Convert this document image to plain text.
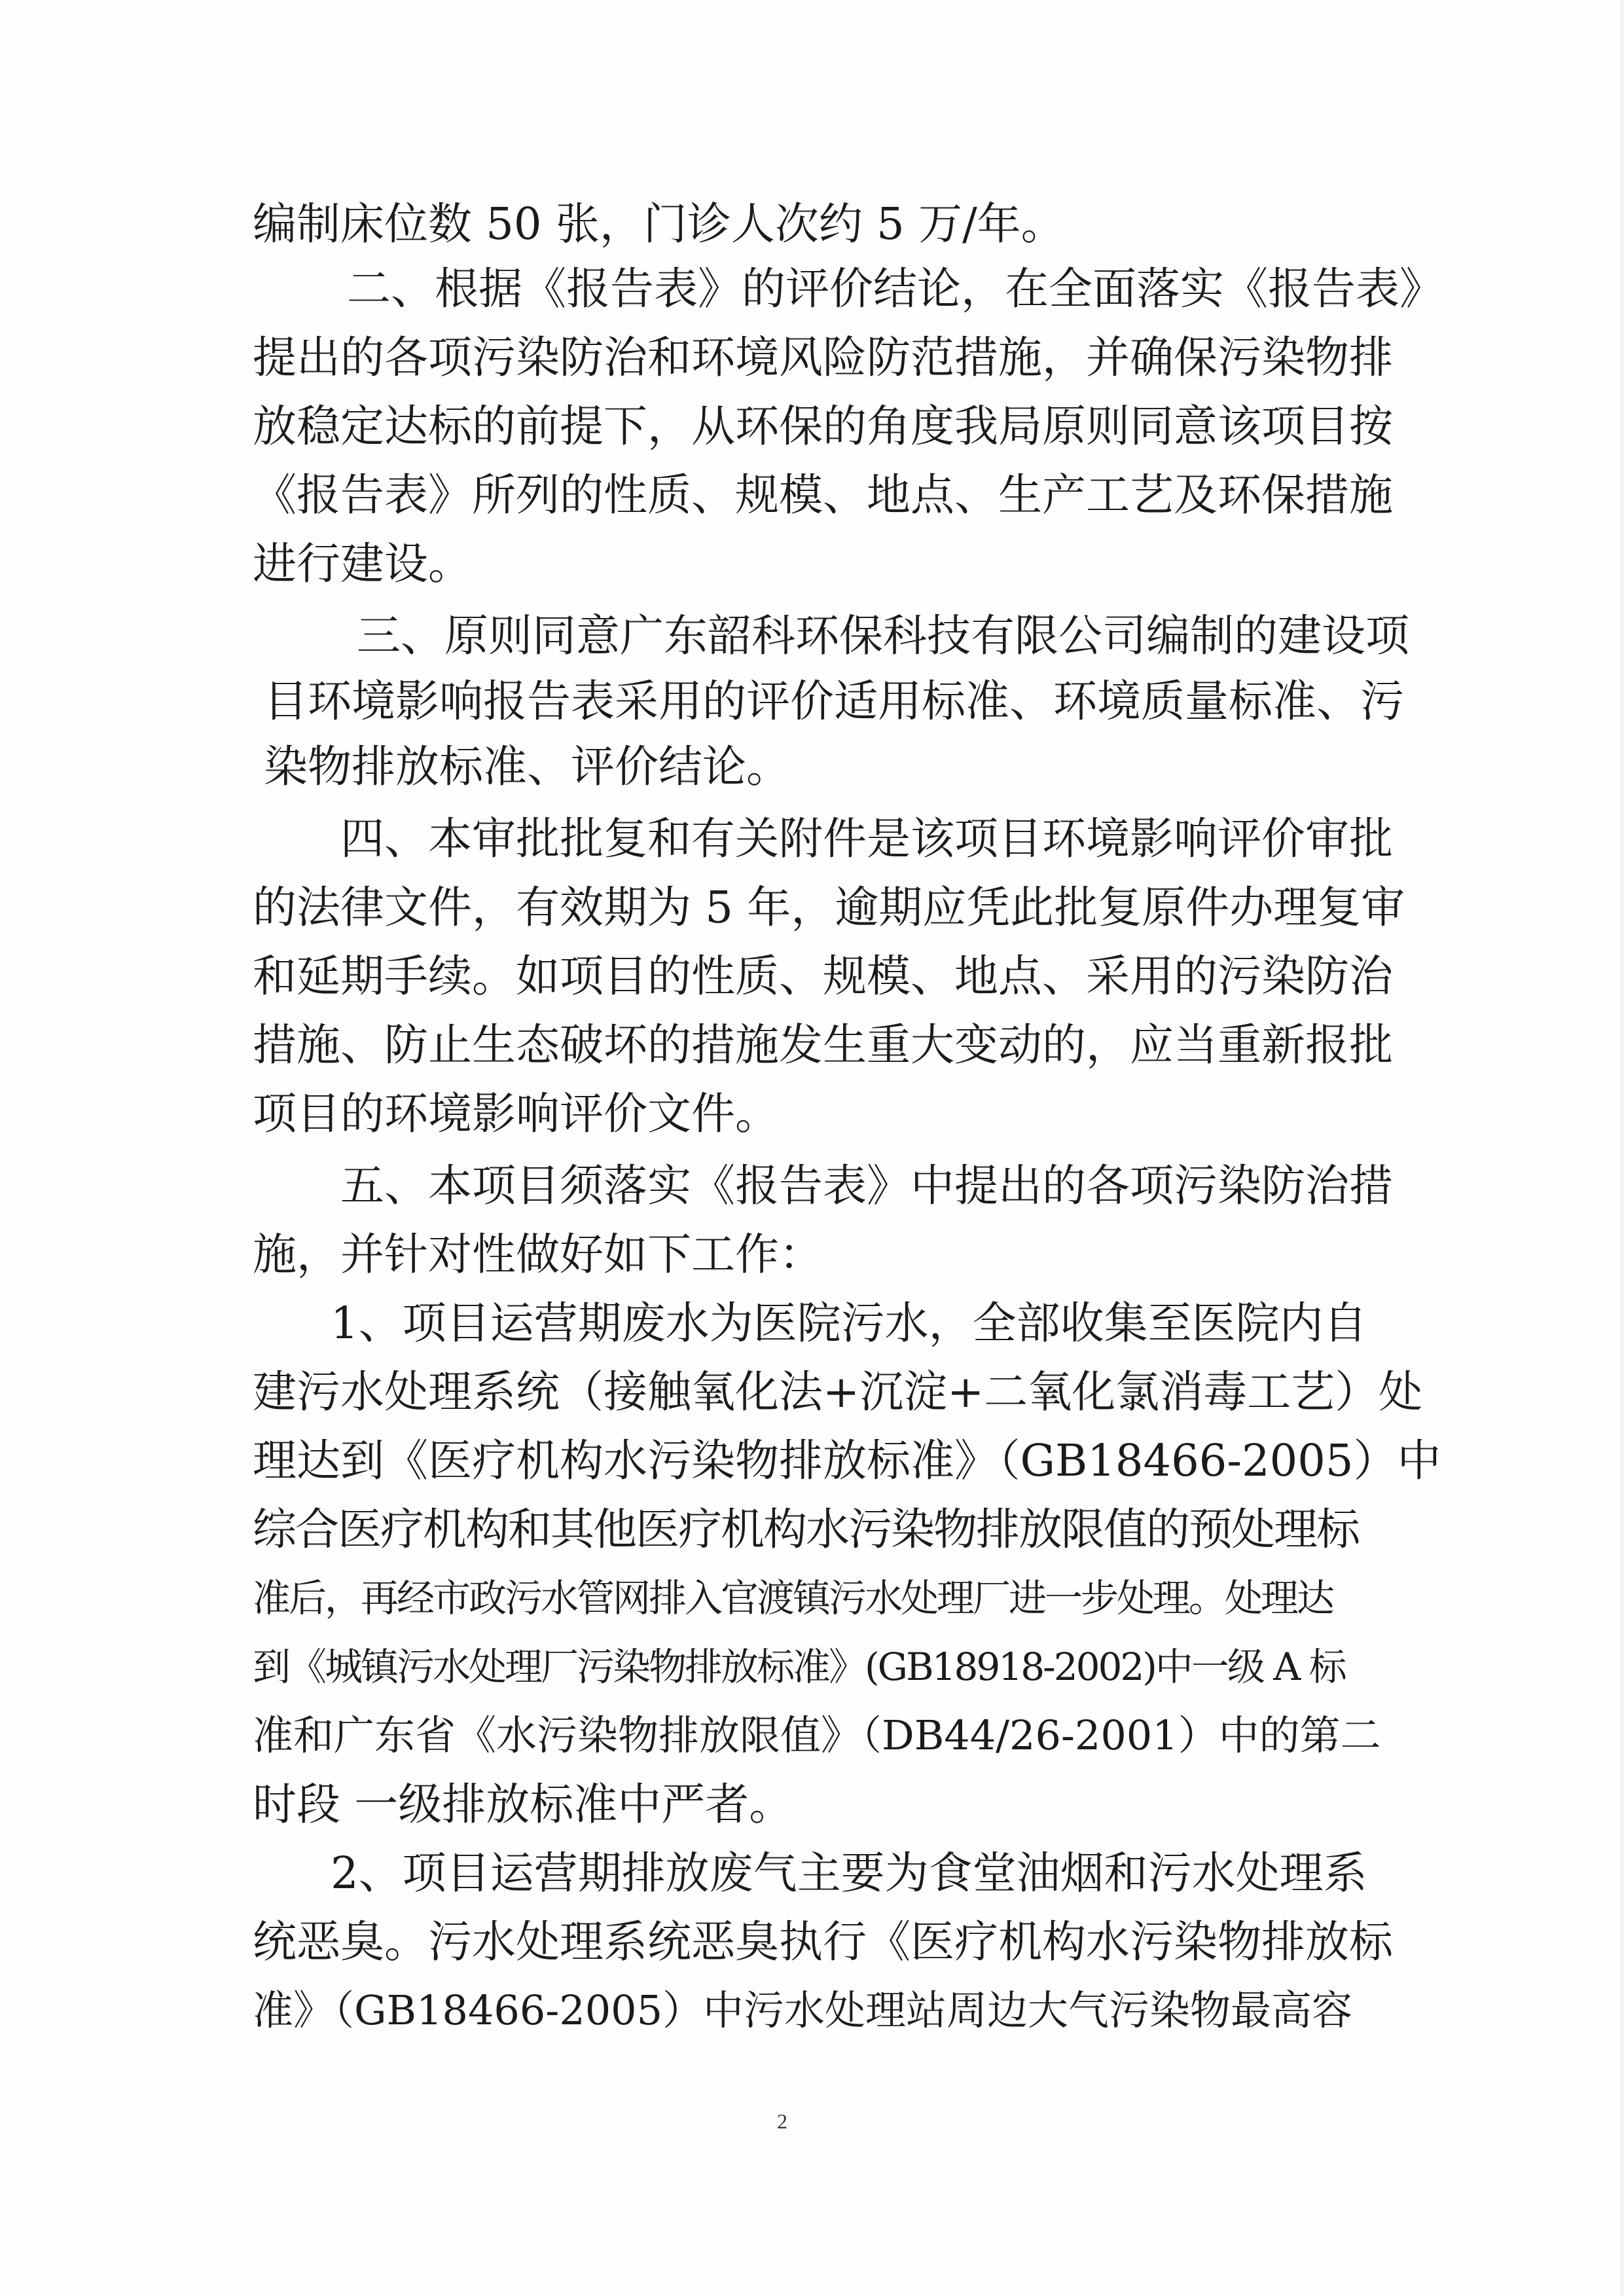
编制床位数 50 张，门诊人次约 5 万/年。

二、根据《报告表》的评价结论，在全面落实《报告表》

提出的各项污染防治和环境风险防范措施，并确保污染物排

放稳定达标的前提下，从环保的角度我局原则同意该项目按

《报告表》所列的性质、规模、地点、生产工艺及环保措施

进行建设。

三、原则同意广东韶科环保科技有限公司编制的建设项

目环境影响报告表采用的评价适用标准、环境质量标准、污

染物排放标准、评价结论。

四、本审批批复和有关附件是该项目环境影响评价审批

的法律文件，有效期为 5 年，逾期应凭此批复原件办理复审

和延期手续。如项目的性质、规模、地点、采用的污染防治

措施、防止生态破坏的措施发生重大变动的，应当重新报批

项目的环境影响评价文件。

五、本项目须落实《报告表》中提出的各项污染防治措

施，并针对性做好如下工作：

1、项目运营期废水为医院污水，全部收集至医院内自

建污水处理系统（接触氧化法+沉淀+二氧化氯消毒工艺）处

理达到《医疗机构水污染物排放标准》（GB18466-2005）中

综合医疗机构和其他医疗机构水污染物排放限值的预处理标

准后，再经市政污水管网排入官渡镇污水处理厂进一步处理。处理达

到《城镇污水处理厂污染物排放标准》(GB18918-2002)中一级 A 标

准和广东省《水污染物排放限值》（DB44/26-2001）中的第二

时段 一级排放标准中严者。

2、项目运营期排放废气主要为食堂油烟和污水处理系

统恶臭。污水处理系统恶臭执行《医疗机构水污染物排放标

准》（GB18466-2005）中污水处理站周边大气污染物最高容

2
